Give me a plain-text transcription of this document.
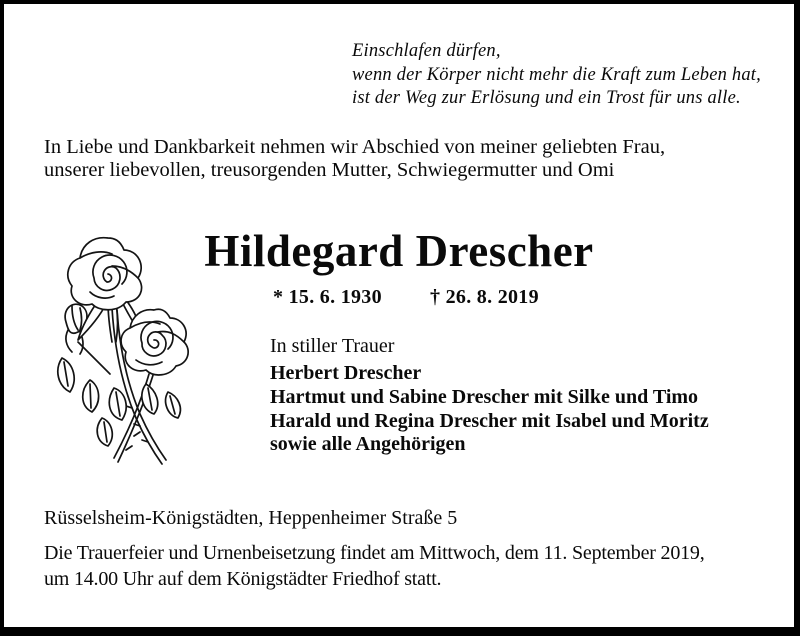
Einschlafen dürfen,
wenn der Körper nicht mehr die Kraft zum Leben hat,
ist der Weg zur Erlösung und ein Trost für uns alle.
In Liebe und Dankbarkeit nehmen wir Abschied von meiner geliebten Frau,
unserer liebevollen, treusorgenden Mutter, Schwiegermutter und Omi
Hildegard Drescher
* 15. 6. 1930 † 26. 8. 2019
In stiller Trauer
Herbert Drescher
Hartmut und Sabine Drescher mit Silke und Timo
Harald und Regina Drescher mit Isabel und Moritz
sowie alle Angehörigen
Rüsselsheim-Königstädten, Heppenheimer Straße 5
Die Trauerfeier und Urnenbeisetzung findet am Mittwoch, dem 11. September 2019,
um 14.00 Uhr auf dem Königstädter Friedhof statt.
